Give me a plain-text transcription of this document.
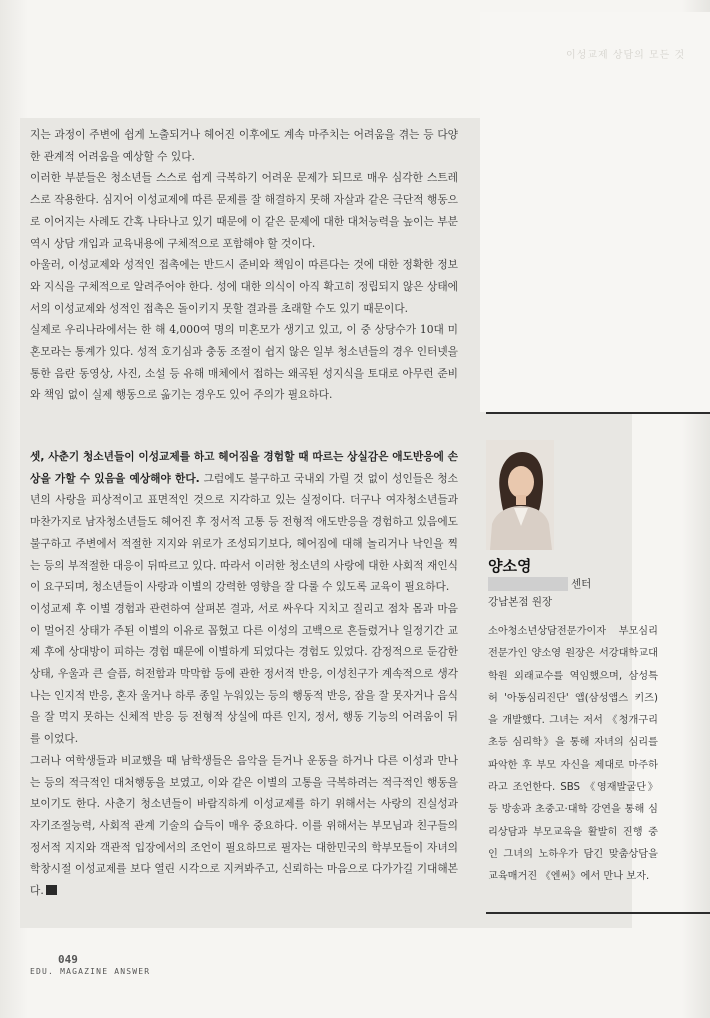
이성교제 상담의 모든 것

지는 과정이 주변에 쉽게 노출되거나 헤어진 이후에도 계속 마주치는 어려움을 겪는 등 다양한 관계적 어려움을 예상할 수 있다.

이러한 부분들은 청소년들 스스로 쉽게 극복하기 어려운 문제가 되므로 매우 심각한 스트레스로 작용한다. 심지어 이성교제에 따른 문제를 잘 해결하지 못해 자살과 같은 극단적 행동으로 이어지는 사례도 간혹 나타나고 있기 때문에 이 같은 문제에 대한 대처능력을 높이는 부분 역시 상담 개입과 교육내용에 구체적으로 포함해야 할 것이다.

아울러, 이성교제와 성적인 접촉에는 반드시 준비와 책임이 따른다는 것에 대한 정확한 정보와 지식을 구체적으로 알려주어야 한다. 성에 대한 의식이 아직 확고히 정립되지 않은 상태에서의 이성교제와 성적인 접촉은 돌이키지 못할 결과를 초래할 수도 있기 때문이다.

실제로 우리나라에서는 한 해 4,000여 명의 미혼모가 생기고 있고, 이 중 상당수가 10대 미혼모라는 통계가 있다. 성적 호기심과 충동 조절이 쉽지 않은 일부 청소년들의 경우 인터넷을 통한 음란 동영상, 사진, 소설 등 유해 매체에서 접하는 왜곡된 성지식을 토대로 아무런 준비와 책임 없이 실제 행동으로 옮기는 경우도 있어 주의가 필요하다.

셋, 사춘기 청소년들이 이성교제를 하고 헤어짐을 경험할 때 따르는 상실감은 애도반응에 손상을 가할 수 있음을 예상해야 한다. 그럼에도 불구하고 국내외 가릴 것 없이 성인들은 청소년의 사랑을 피상적이고 표면적인 것으로 지각하고 있는 실정이다. 더구나 여자청소년들과 마찬가지로 남자청소년들도 헤어진 후 정서적 고통 등 전형적 애도반응을 경험하고 있음에도 불구하고 주변에서 적절한 지지와 위로가 조성되기보다, 헤어짐에 대해 놀리거나 낙인을 찍는 등의 부적절한 대응이 뒤따르고 있다. 따라서 이러한 청소년의 사랑에 대한 사회적 재인식이 요구되며, 청소년들이 사랑과 이별의 강력한 영향을 잘 다룰 수 있도록 교육이 필요하다.

이성교제 후 이별 경험과 관련하여 살펴본 결과, 서로 싸우다 지치고 질리고 점차 몸과 마음이 멀어진 상태가 주된 이별의 이유로 꼽혔고 다른 이성의 고백으로 흔들렸거나 일정기간 교제 후에 상대방이 피하는 경험 때문에 이별하게 되었다는 경험도 있었다. 감정적으로 둔감한 상태, 우울과 큰 슬픔, 허전함과 막막함 등에 관한 정서적 반응, 이성친구가 계속적으로 생각나는 인지적 반응, 혼자 울거나 하루 종일 누워있는 등의 행동적 반응, 잠을 잘 못자거나 음식을 잘 먹지 못하는 신체적 반응 등 전형적 상실에 따른 인지, 정서, 행동 기능의 어려움이 뒤를 이었다.

그러나 여학생들과 비교했을 때 남학생들은 음악을 듣거나 운동을 하거나 다른 이성과 만나는 등의 적극적인 대처행동을 보였고, 이와 같은 이별의 고통을 극복하려는 적극적인 행동을 보이기도 한다. 사춘기 청소년들이 바람직하게 이성교제를 하기 위해서는 사랑의 진실성과 자기조절능력, 사회적 관계 기술의 습득이 매우 중요하다. 이를 위해서는 부모님과 친구들의 정서적 지지와 객관적 입장에서의 조언이 필요하므로 필자는 대한민국의 학부모들이 자녀의 학창시절 이성교제를 보다 열린 시각으로 지켜봐주고, 신뢰하는 마음으로 다가가길 기대해본다.

양소영
센터
강남본점 원장
소아청소년상담전문가이자 부모심리전문가인 양소영 원장은 서강대학교대학원 외래교수를 역임했으며, 삼성특허 '아동심리진단' 앱(삼성앱스 키즈)을 개발했다. 그녀는 저서 《청개구리 초등 심리학》을 통해 자녀의 심리를 파악한 후 부모 자신을 제대로 마주하라고 조언한다. SBS 《영재발굴단》 등 방송과 초중고·대학 강연을 통해 심리상담과 부모교육을 활발히 진행 중인 그녀의 노하우가 담긴 맞춤상담을 교육매거진 《엔써》에서 만나 보자.
049
EDU. MAGAZINE ANSWER
